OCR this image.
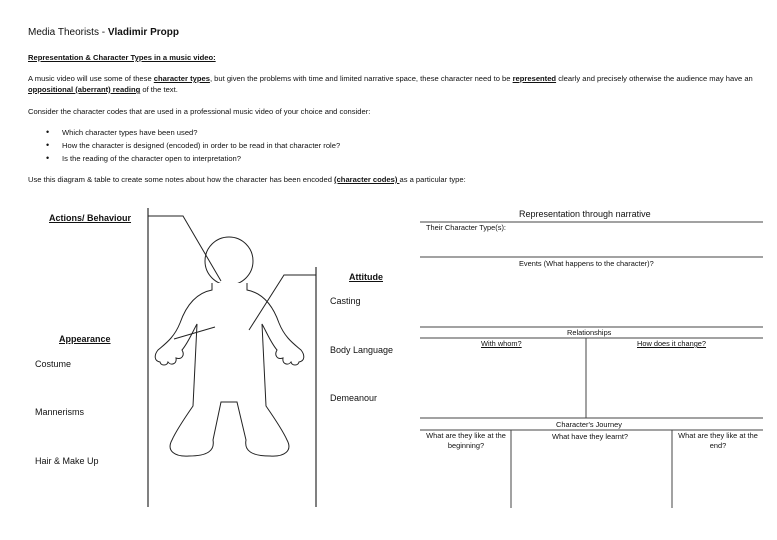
Media Theorists - Vladimir Propp
Representation & Character Types in a music video:
A music video will use some of these character types, but given the problems with time and limited narrative space, these character need to be represented clearly and precisely otherwise the audience may have an oppositional (aberrant) reading of the text.
Consider the character codes that are used in a professional music video of your choice and consider:
• Which character types have been used?
• How the character is designed (encoded) in order to be read in that character role?
• Is the reading of the character open to interpretation?
Use this diagram & table to create some notes about how the character has been encoded (character codes) as a particular type:
Actions/ Behaviour
Attitude
Casting
Appearance
Costume
Body Language
Mannerisms
Demeanour
Hair & Make Up
Representation through narrative
Their Character Type(s):
Events (What happens to the character)?
Relationships
With whom?	How does it change?
Character's Journey
What are they like at the beginning?
What have they learnt?	What are they like at the end?
